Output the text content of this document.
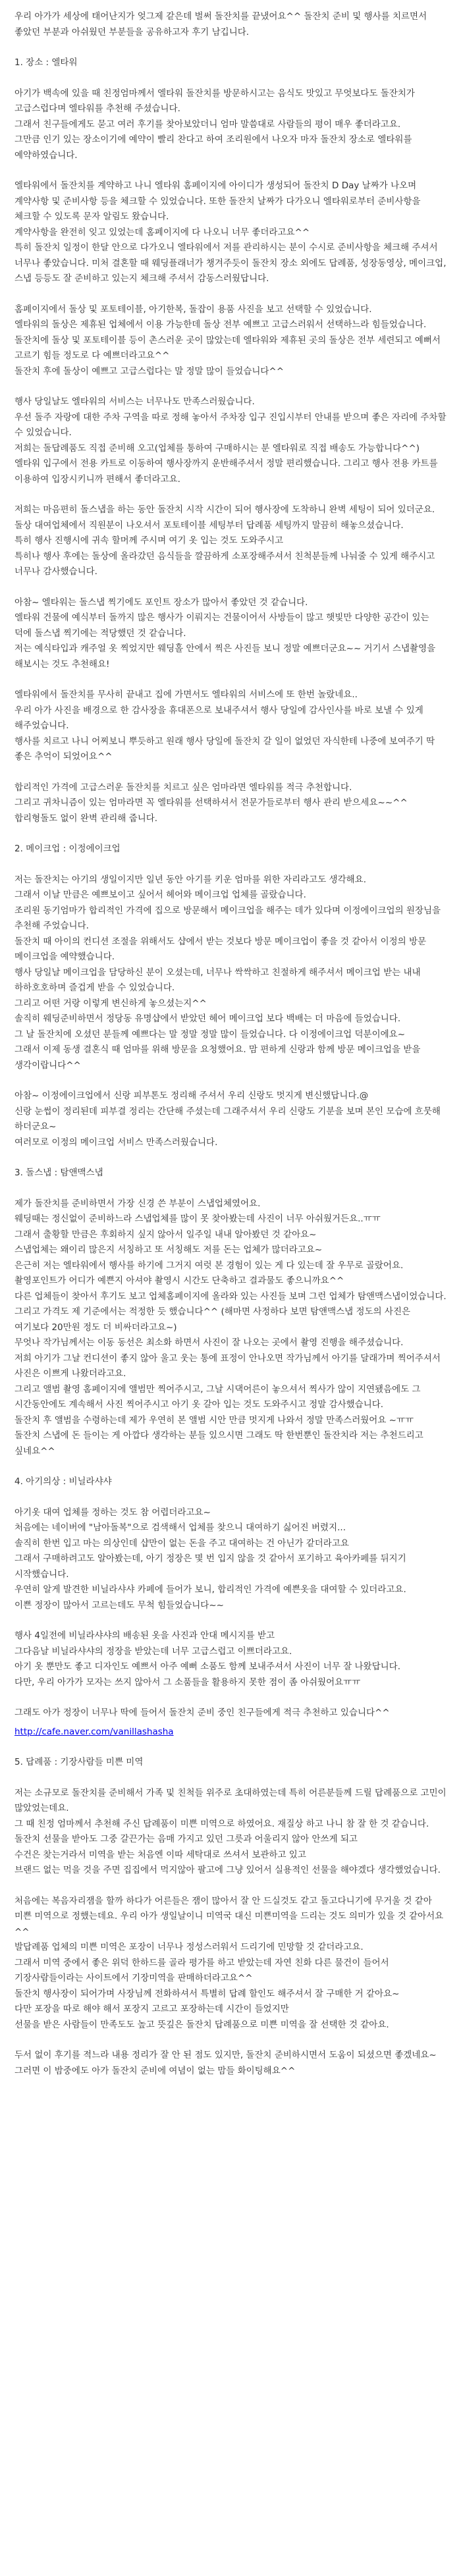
우리 아가가 세상에 태어난지가 엊그제 같은데 벌써 돌잔치를 끝냈어요^^ 돌잔치 준비 및 행사를 치르면서 좋았던 부분과 아쉬웠던 부분들을 공유하고자 후기 남깁니다.

1. 장소 : 엘타워

아기가 백속에 있을 때 친정엄마께서 엘타워 돌잔치를 방문하시고는 음식도 맛있고 무엇보다도 돌잔치가 고급스럽다며 엘타워를 추천해 주셨습니다.
그래서 친구들에게도 묻고 여러 후기를 찾아보았더니 엄마 말씀대로 사람들의 평이 매우 좋더라고요.
그만큼 인기 있는 장소이기에 예약이 빨리 찬다고 하여 조리원에서 나오자 마자 돌잔치 장소로 엘타워를 예약하였습니다.

엘타워에서 돌잔치를 계약하고 나니 엘타워 홈페이지에 아이디가 생성되어 돌잔치 D Day 날짜가 나오며 계약사항 및 준비사항 등을 체크할 수 있었습니다. 또한 돌잔치 날짜가 다가오니 엘타워로부터 준비사항을 체크할 수 있도록 문자 알림도 왔습니다.
계약사항을 완전히 잊고 있었는데 홈페이지에 다 나오니 너무 좋더라고요^^
특히 돌잔치 일정이 한달 안으로 다가오니 엘타워에서 저를 관리하시는 분이 수시로 준비사항을 체크해 주셔서 너무나 좋았습니다. 미처 결혼할 때 웨딩플래너가 챙겨주듯이 돌잔치 장소 외에도 답례품, 성장동영상, 메이크업, 스냅 등등도 잘 준비하고 있는지 체크해 주셔서 감동스러웠답니다.

홈페이지에서 돌상 및 포토테이블, 아기한복, 돌잡이 용품 사진을 보고 선택할 수 있었습니다.
엘타워의 돌상은 제휴된 업체에서 이용 가능한데 돌상 전부 예쁘고 고급스러워서 선택하느라 힘들었습니다.
돌잔치에 돌상 및 포토테이블 등이 촌스러운 곳이 많았는데 엘타워와 제휴된 곳의 돌상은 전부 세련되고 예뻐서 고르기 힘들 정도로 다 예쁘더라고요^^
돌잔치 후에 돌상이 예쁘고 고급스럽다는 말 정말 많이 들었습니다^^

행사 당일날도 엘타워의 서비스는 너무나도 만족스러웠습니다.
우선 돌주 자랑에 대한 주차 구역을 따로 정해 놓아서 주차장 입구 진입시부터 안내를 받으며 좋은 자리에 주차할 수 있었습니다.
저희는 돌답례품도 직접 준비해 오고(업체를 통하여 구매하시는 분 엘타워로 직접 배송도 가능합니다^^)
엘타워 입구에서 전용 카트로 이동하여 행사장까지 운반해주셔서 정말 편리했습니다. 그리고 행사 전용 카트를 이용하여 입장시키니까 편해서 좋더라고요.

저희는 마음편히 돌스냅을 하는 동안 돌잔치 시작 시간이 되어 행사장에 도착하니 완벽 세팅이 되어 있더군요.
돌상 대여업체에서 직원분이 나오셔서 포토테이블 세팅부터 답례품 세팅까지 말끔히 해놓으셨습니다.
특히 행사 진행시에 귀속 할머께 주시며 여기 옷 입는 것도 도와주시고
특히나 행사 후에는 돌상에 올라갔던 음식들을 깔끔하게 소포장해주셔서 친척분들께 나눠줄 수 있게 해주시고 너무나 감사했습니다.

아참~ 엘타워는 돌스냅 찍기에도 포인트 장소가 많아서 좋았던 것 같습니다.
엘타워 건물에 예식부터 돌까지 많은 행사가 이뤄지는 건물이어서 사방들이 많고 햇빛만 다양한 공간이 있는 덕에 돌스냅 찍기에는 적당했던 것 같습니다.
저는 예식타입과 캐주얼 옷 찍었지만 웨딩홀 안에서 찍은 사진들 보니 정말 예쁘더군요~~ 거기서 스냅촬영을 해보시는 것도 추천해요!

엘타워에서 돌잔치를 무사히 끝내고 집에 가면서도 엘타워의 서비스에 또 한번 놀랐네요..
우리 아가 사진을 배경으로 한 감사장을 휴대폰으로 보내주셔서 행사 당일에 감사인사를 바로 보낼 수 있게 해주었습니다.
행사를 치르고 나니 어찌보니 뿌듯하고 원래 행사 당일에 돌잔치 갈 일이 없었던 자식한테 나중에 보여주기 딱 좋은 추억이 되었어요^^

합리적인 가격에 고급스러운 돌잔치를 치르고 싶은 엄마라면 엘타워를 적극 추천합니다.
그리고 귀차니즘이 있는 엄마라면 꼭 엘타워를 선택하셔서 전문가들로부터 행사 관리 받으세요~~^^
합리형돌도 없이 완벽 관리해 줍니다.

2. 메이크업 : 이정에이크업

저는 돌잔치는 아기의 생일이지만 일년 동안 아기를 키운 엄마를 위한 자리라고도 생각해요.
그래서 이날 만큼은 예쁘보이고 싶어서 헤어와 메이크업 업체를 골랐습니다.
조리원 동기엄마가 합리적인 가격에 집으로 방문해서 메이크업을 해주는 데가 있다며 이정에이크업의 원장님을 추천해 주었습니다.
돌잔치 때 아이의 컨디션 조절을 위해서도 샵에서 받는 것보다 방문 메이크업이 좋을 것 같아서 이정의 방문 메이크업을 예약했습니다.
행사 당일날 메이크업을 담당하신 분이 오셨는데, 너무나 싹싹하고 친절하게 해주셔서 메이크업 받는 내내 하하호호하며 즐겁게 받을 수 있었습니다.
그리고 어떤 거랑 이렇게 변신하게 놓으셨는지^^
솔직히 웨딩준비하면서 정당동 유명샵에서 받았던 헤어 메이크업 보다 백배는 더 마음에 들었습니다.
그 날 돌잔치에 오셨던 분들께 예쁘다는 말 정말 정말 많이 들었습니다. 다 이정에이크업 덕분이에요~
그래서 이제 동생 결혼식 때 엄마를 위해 방문을 요청했어요. 맘 편하게 신랑과 함께 방문 메이크업을 받을 생각이랍니다^^

아참~ 이정에이크업에서 신랑 피부톤도 정리해 주셔서 우리 신랑도 멋지게 변신했답니다.@
신랑 눈썹이 정리된데 피부결 정리는 간단해 주셨는데 그래주셔서 우리 신랑도 기분을 보며 본인 모습에 흐뭇해 하더군요~
여러모로 이정의 메이크업 서비스 만족스러웠습니다.

3. 돌스냅 : 탐앤맥스냅

제가 돌잔치를 준비하면서 가장 신경 쓴 부분이 스냅업체였어요.
웨딩때는 정신없이 준비하느라 스냅업체를 많이 못 찾아봤는데 사진이 너무 아쉬웠거든요..ㅠㅠ
그래서 출황할 만큼은 후회하지 싶지 않아서 일주일 내내 알아봤던 것 같아요~
스냅업체는 왜이리 많은지 서칭하고 또 서칭해도 저를 돈는 업체가 많더라고요~
은근히 저는 엘타워에서 행사를 하기에 그거지 여럿 본 경험이 있는 게 다 있는데 잘 우무로 골랐어요.
촬영포인트가 어디가 예쁜지 아셔야 촬영시 시간도 단축하고 결과물도 좋으니까요^^
다른 업체들이 찾아서 후기도 보고 업체홈페이지에 올라와 있는 사진들 보며 그런 업체가 탐앤맥스냅이었습니다.
그리고 가격도 제 기준에서는 적정한 듯 했습니다^^ (해마면 사정하다 보면 탐앤맥스냅 정도의 사진은 여기보다 20만원 정도 더 비싸더라고요~)
무엇나 작가님께서는 이동 동선은 최소화 하면서 사진이 잘 나오는 곳에서 촬영 진행을 해주셨습니다.
저희 아기가 그날 컨디션이 좋지 않아 울고 웃는 통에 표정이 안나오면 작가님께서 아기를 달래가며 찍어주셔서 사진은 이쁘게 나왔더라고요.
그리고 앨범 촬영 홈페이지에 앨범만 찍어주시고, 그날 시댁어른이 놓으셔서 찍사가 않이 지연됐음에도 그 시간동안에도 계속해서 사진 찍어주시고 아기 옷 갈아 입는 것도 도와주시고 정말 감사했습니다.
돌잔치 후 앨범을 수령하는데 제가 우연히 본 앨범 시안 만큼 멋지게 나와서 정말 만족스러웠어요 ~ㅠㅠ
돌잔치 스냅에 돈 들이는 게 아깝다 생각하는 분들 있으시면 그래도 딱 한번뿐인 돌잔치라 저는 추천드리고 싶네요^^

4. 아기의상 : 비닐라샤샤

아기옷 대여 업체를 정하는 것도 참 어렵더라고요~
처음에는 네이버에 "남아돌복"으로 검색해서 업체를 찾으니 대여하기 싫어진 버렸지...
솔직히 한번 입고 마는 의상인데 샵만이 없는 돈을 주고 대여하는 건 아닌가 같더라고요
그래서 구매하려고도 알아봤는데, 아기 정장은 몇 번 입지 않을 것 같아서 포기하고 육아카페를 뒤지기 시작했습니다.
우연히 알게 발견한 비닐라샤샤 카페에 들어가 보니, 합리적인 가격에 예쁜옷을 대여할 수 있더라고요.
이쁜 정장이 많아서 고르는데도 무척 힘들었습니다~~

행사 4일전에 비닐라샤샤의 배송된 옷을 사진과 안대 메시지를 받고
그다음날 비닐라샤샤의 정장을 받았는데 너무 고급스럽고 이쁘더라고요.
아기 옷 뿐만도 좋고 디자인도 예쁘서 아주 예뻐 소품도 함께 보내주셔서 사진이 너무 잘 나왔답니다.
다만, 우리 아가가 모자는 쓰지 않아서 그 소품들을 활용하지 못한 점이 좀 아쉬웠어요ㅠㅠ

그래도 아가 정장이 너무나 딱에 들어서 돌잔치 준비 중인 친구들에게 적극 추천하고 있습니다^^

http://cafe.naver.com/vanillashasha

5. 답례품 : 기장사람들 미쁜 미역

저는 소규모로 돌잔치를 준비해서 가족 및 친척들 위주로 초대하였는데 특히 어른분들께 드릴 답례품으로 고민이 많았었는데요.
그 때 친정 엄마께서 추천해 주신 답례품이 미쁜 미역으로 하였어요. 재질상 하고 나니 참 잘 한 것 같습니다.
돌잔치 선물을 받아도 그중 갈끈가는 음매 가지고 있던 그릇과 어울리지 않아 안쓰게 되고
수건은 찾는거라서 미역을 받는 처음엔 이따 세탁대로 쓰셔서 보관하고 있고
브랜드 없는 먹을 것을 주면 집집에서 먹지않아 팔고에 그냥 있어서 실용적인 선물을 해야겠다 생각했었습니다.

처음에는 복음자리잼을 할까 하다가 어른들은 잼이 많아서 잘 안 드실것도 같고 돌고다니기에 무거울 것 같아 미쁜 미역으로 정했는데요. 우리 아가 생일날이니 미역국 대신 미쁜미역을 드리는 것도 의미가 있을 것 같아서요^^
발답례품 업체의 미쁜 미역은 포장이 너무나 정성스러워서 드리기에 민망할 것 같더라고요.
그래서 미역 중에서 좋은 위덕 한하드를 골라 평가를 하고 받았는데 자연 친화 다른 물건이 들어서 기장사람들이라는 사이트에서 기장미역을 판매하더라고요^^
돌잔치 행사장이 되어가며 사장님께 전화하셔서 특별히 답례 할인도 해주셔서 잘 구매한 거 같아요~
다만 포장을 따로 해야 해서 포장지 고르고 포장하는데 시간이 들었지만
선물을 받은 사람들이 만족도도 높고 뜻깊은 돌잔치 답례품으로 미쁜 미역을 잘 선택한 것 같아요.

두서 없이 후기를 적느라 내용 정리가 잘 안 된 점도 있지만, 돌잔치 준비하시면서 도움이 되셨으면 좋겠네요~
그러면 이 밤중에도 아가 돌잔치 준비에 여념이 없는 맘들 화이팅해요^^
